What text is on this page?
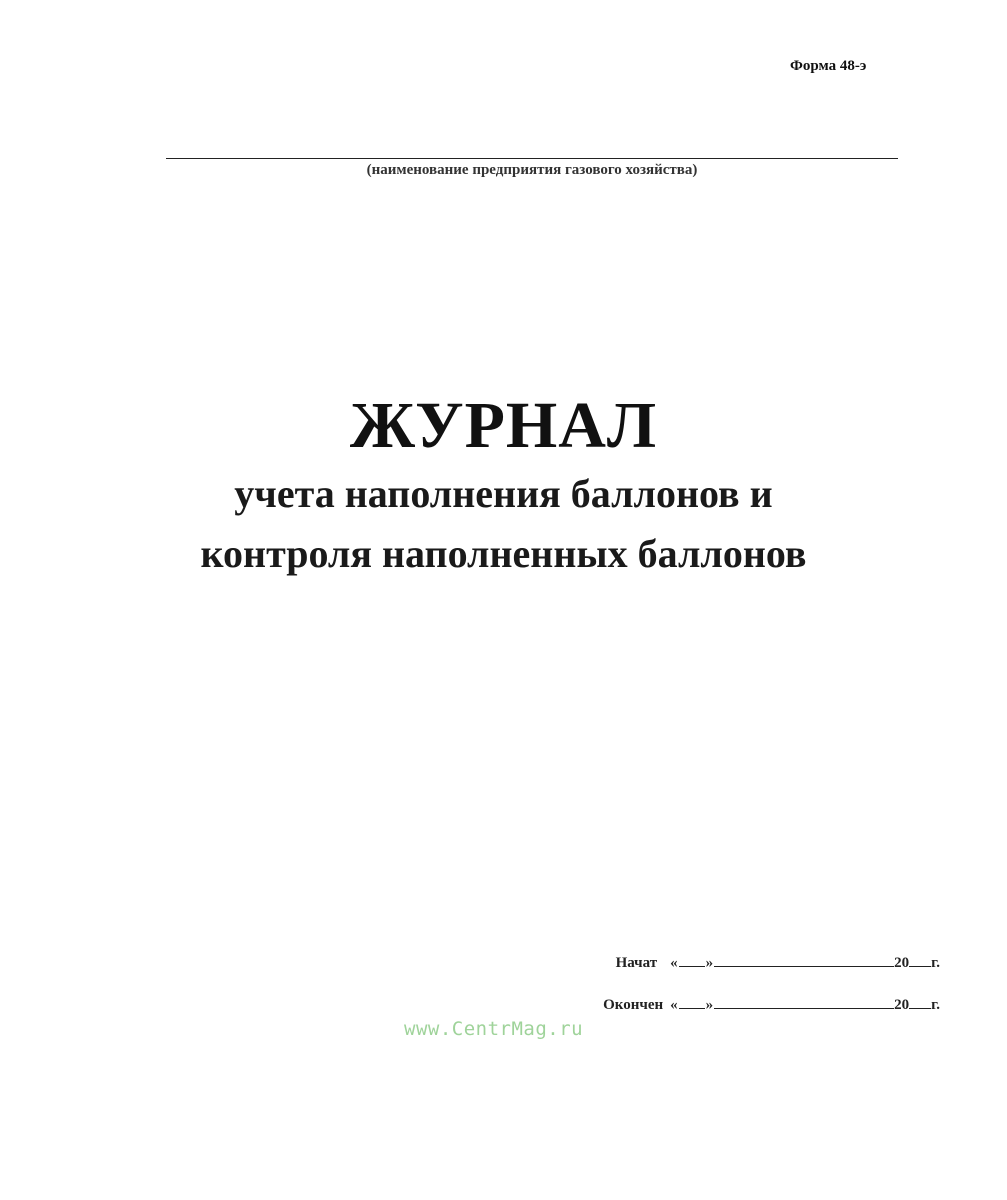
Форма 48-э
(наименование предприятия газового хозяйства)
ЖУРНАЛ
учета наполнения баллонов и
контроля наполненных баллонов
Начат « »	20 г.
Окончен « »	20 г.
www.CentrMag.ru
